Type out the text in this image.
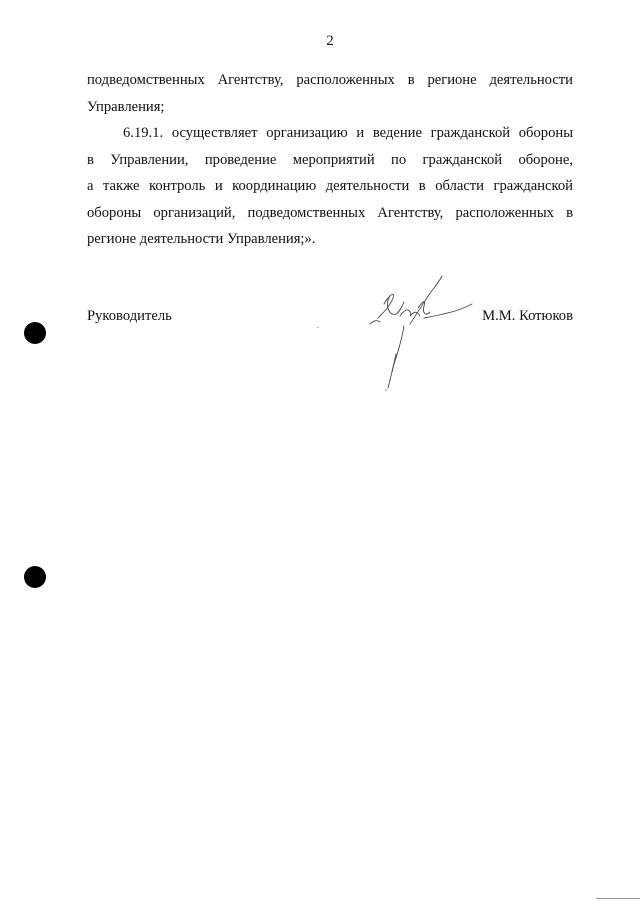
2
подведомственных Агентству, расположенных в регионе деятельности
Управления;
6.19.1. осуществляет организацию и ведение гражданской обороны
в Управлении, проведение мероприятий по гражданской обороне,
а также контроль и координацию деятельности в области гражданской
обороны организаций, подведомственных Агентству, расположенных в
регионе деятельности Управления;».
Руководитель	М.М. Котюков
